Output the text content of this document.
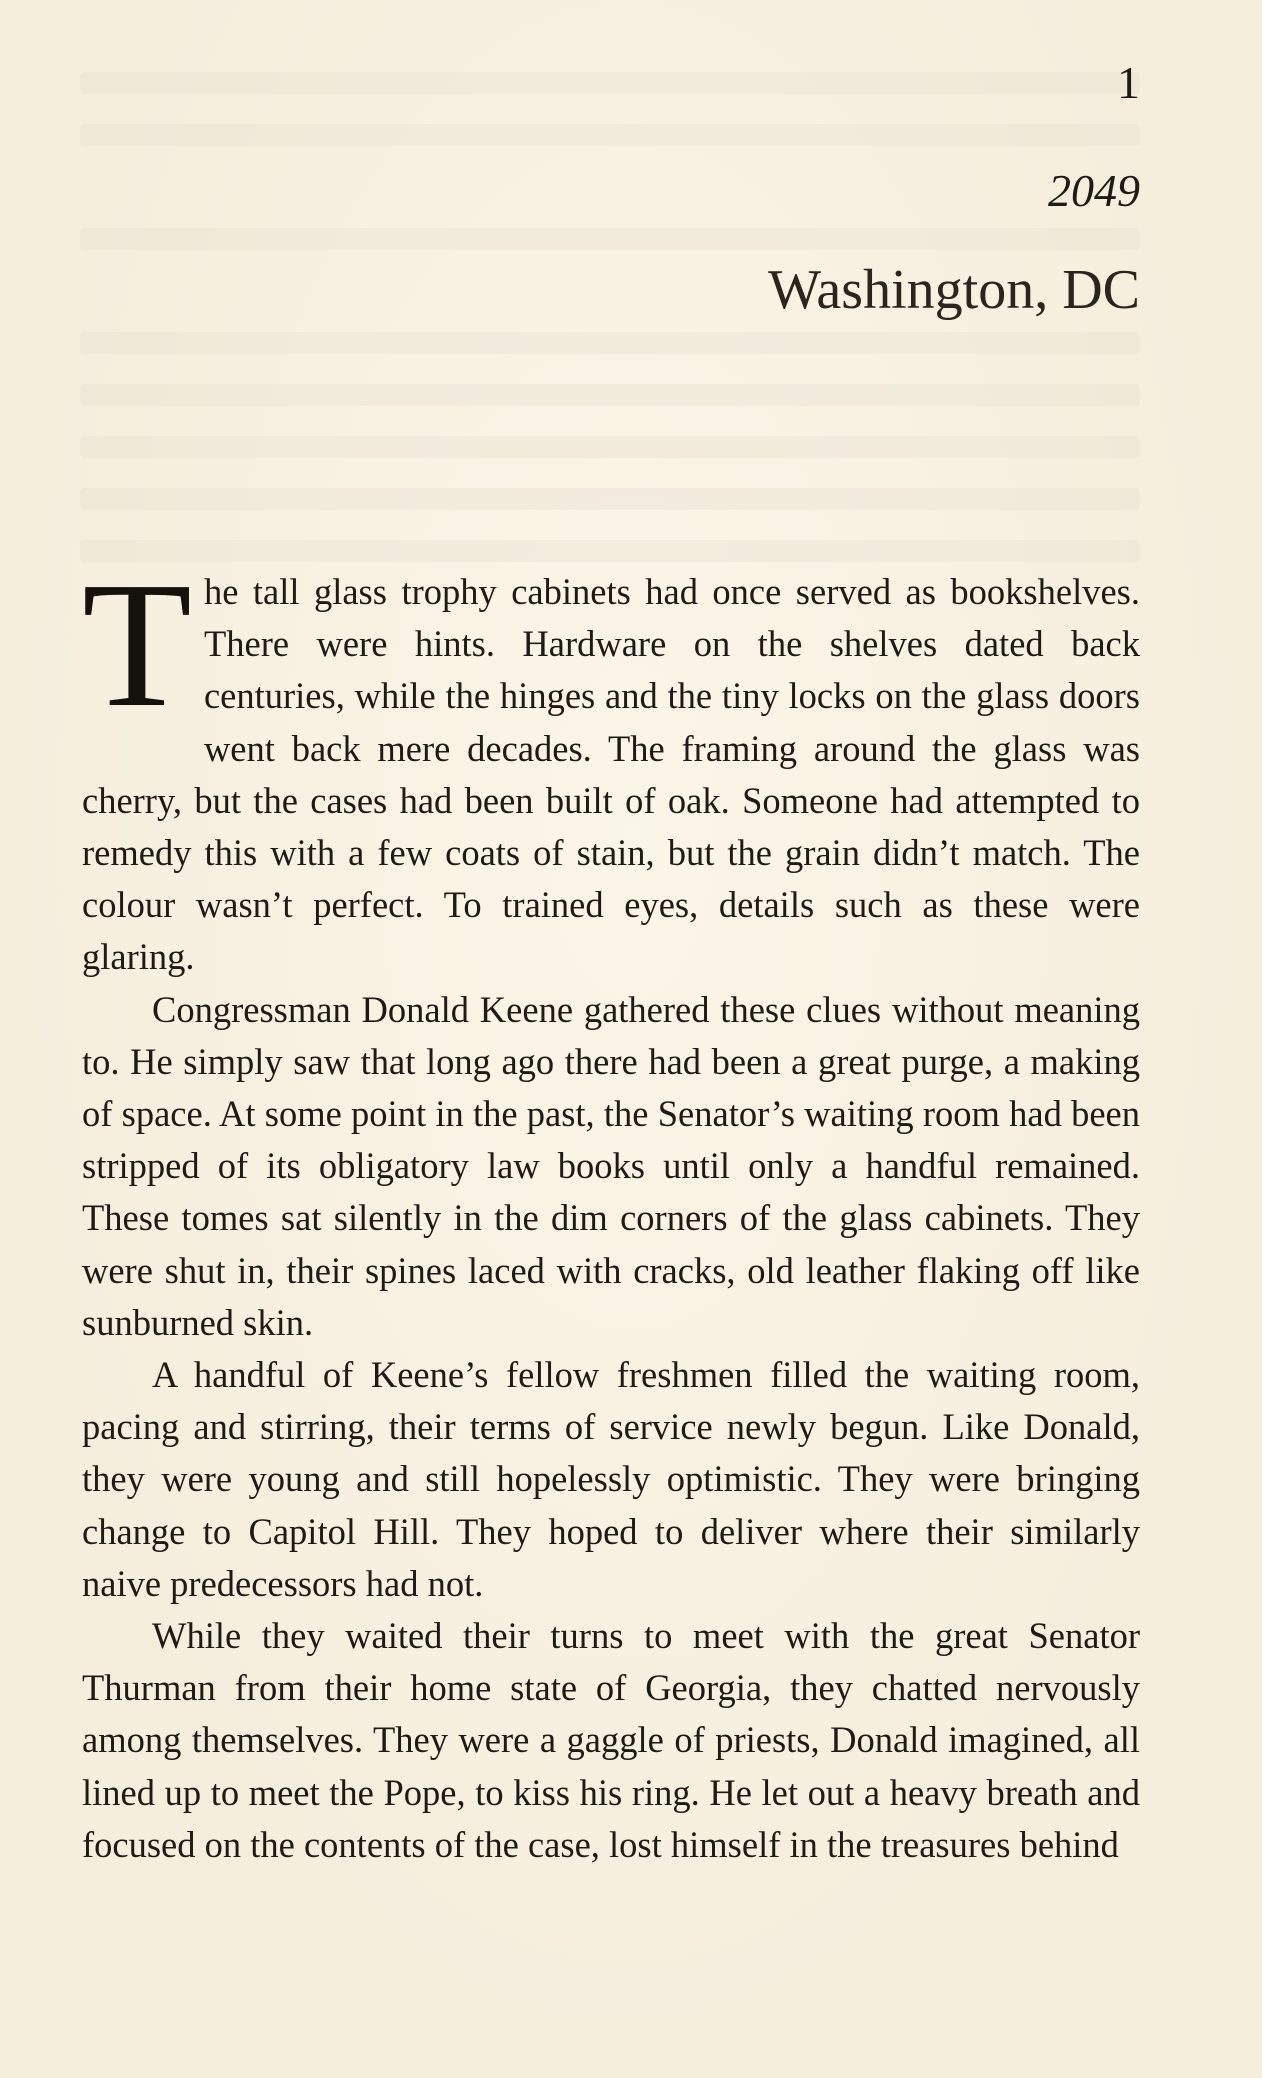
1
2049
Washington, DC

The tall glass trophy cabinets had once served as bookshelves. There were hints. Hardware on the shelves dated back centuries, while the hinges and the tiny locks on the glass doors went back mere decades. The framing around the glass was cherry, but the cases had been built of oak. Someone had attempted to remedy this with a few coats of stain, but the grain didn’t match. The colour wasn’t perfect. To trained eyes, details such as these were glaring.

Congressman Donald Keene gathered these clues without meaning to. He simply saw that long ago there had been a great purge, a making of space. At some point in the past, the Senator’s waiting room had been stripped of its obligatory law books until only a handful remained. These tomes sat silently in the dim corners of the glass cabinets. They were shut in, their spines laced with cracks, old leather flaking off like sunburned skin.

A handful of Keene’s fellow freshmen filled the waiting room, pacing and stirring, their terms of service newly begun. Like Donald, they were young and still hopelessly optimistic. They were bringing change to Capitol Hill. They hoped to deliver where their similarly naive predecessors had not.

While they waited their turns to meet with the great Senator Thurman from their home state of Georgia, they chatted nervously among themselves. They were a gaggle of priests, Donald imagined, all lined up to meet the Pope, to kiss his ring. He let out a heavy breath and focused on the contents of the case, lost himself in the treasures behind
